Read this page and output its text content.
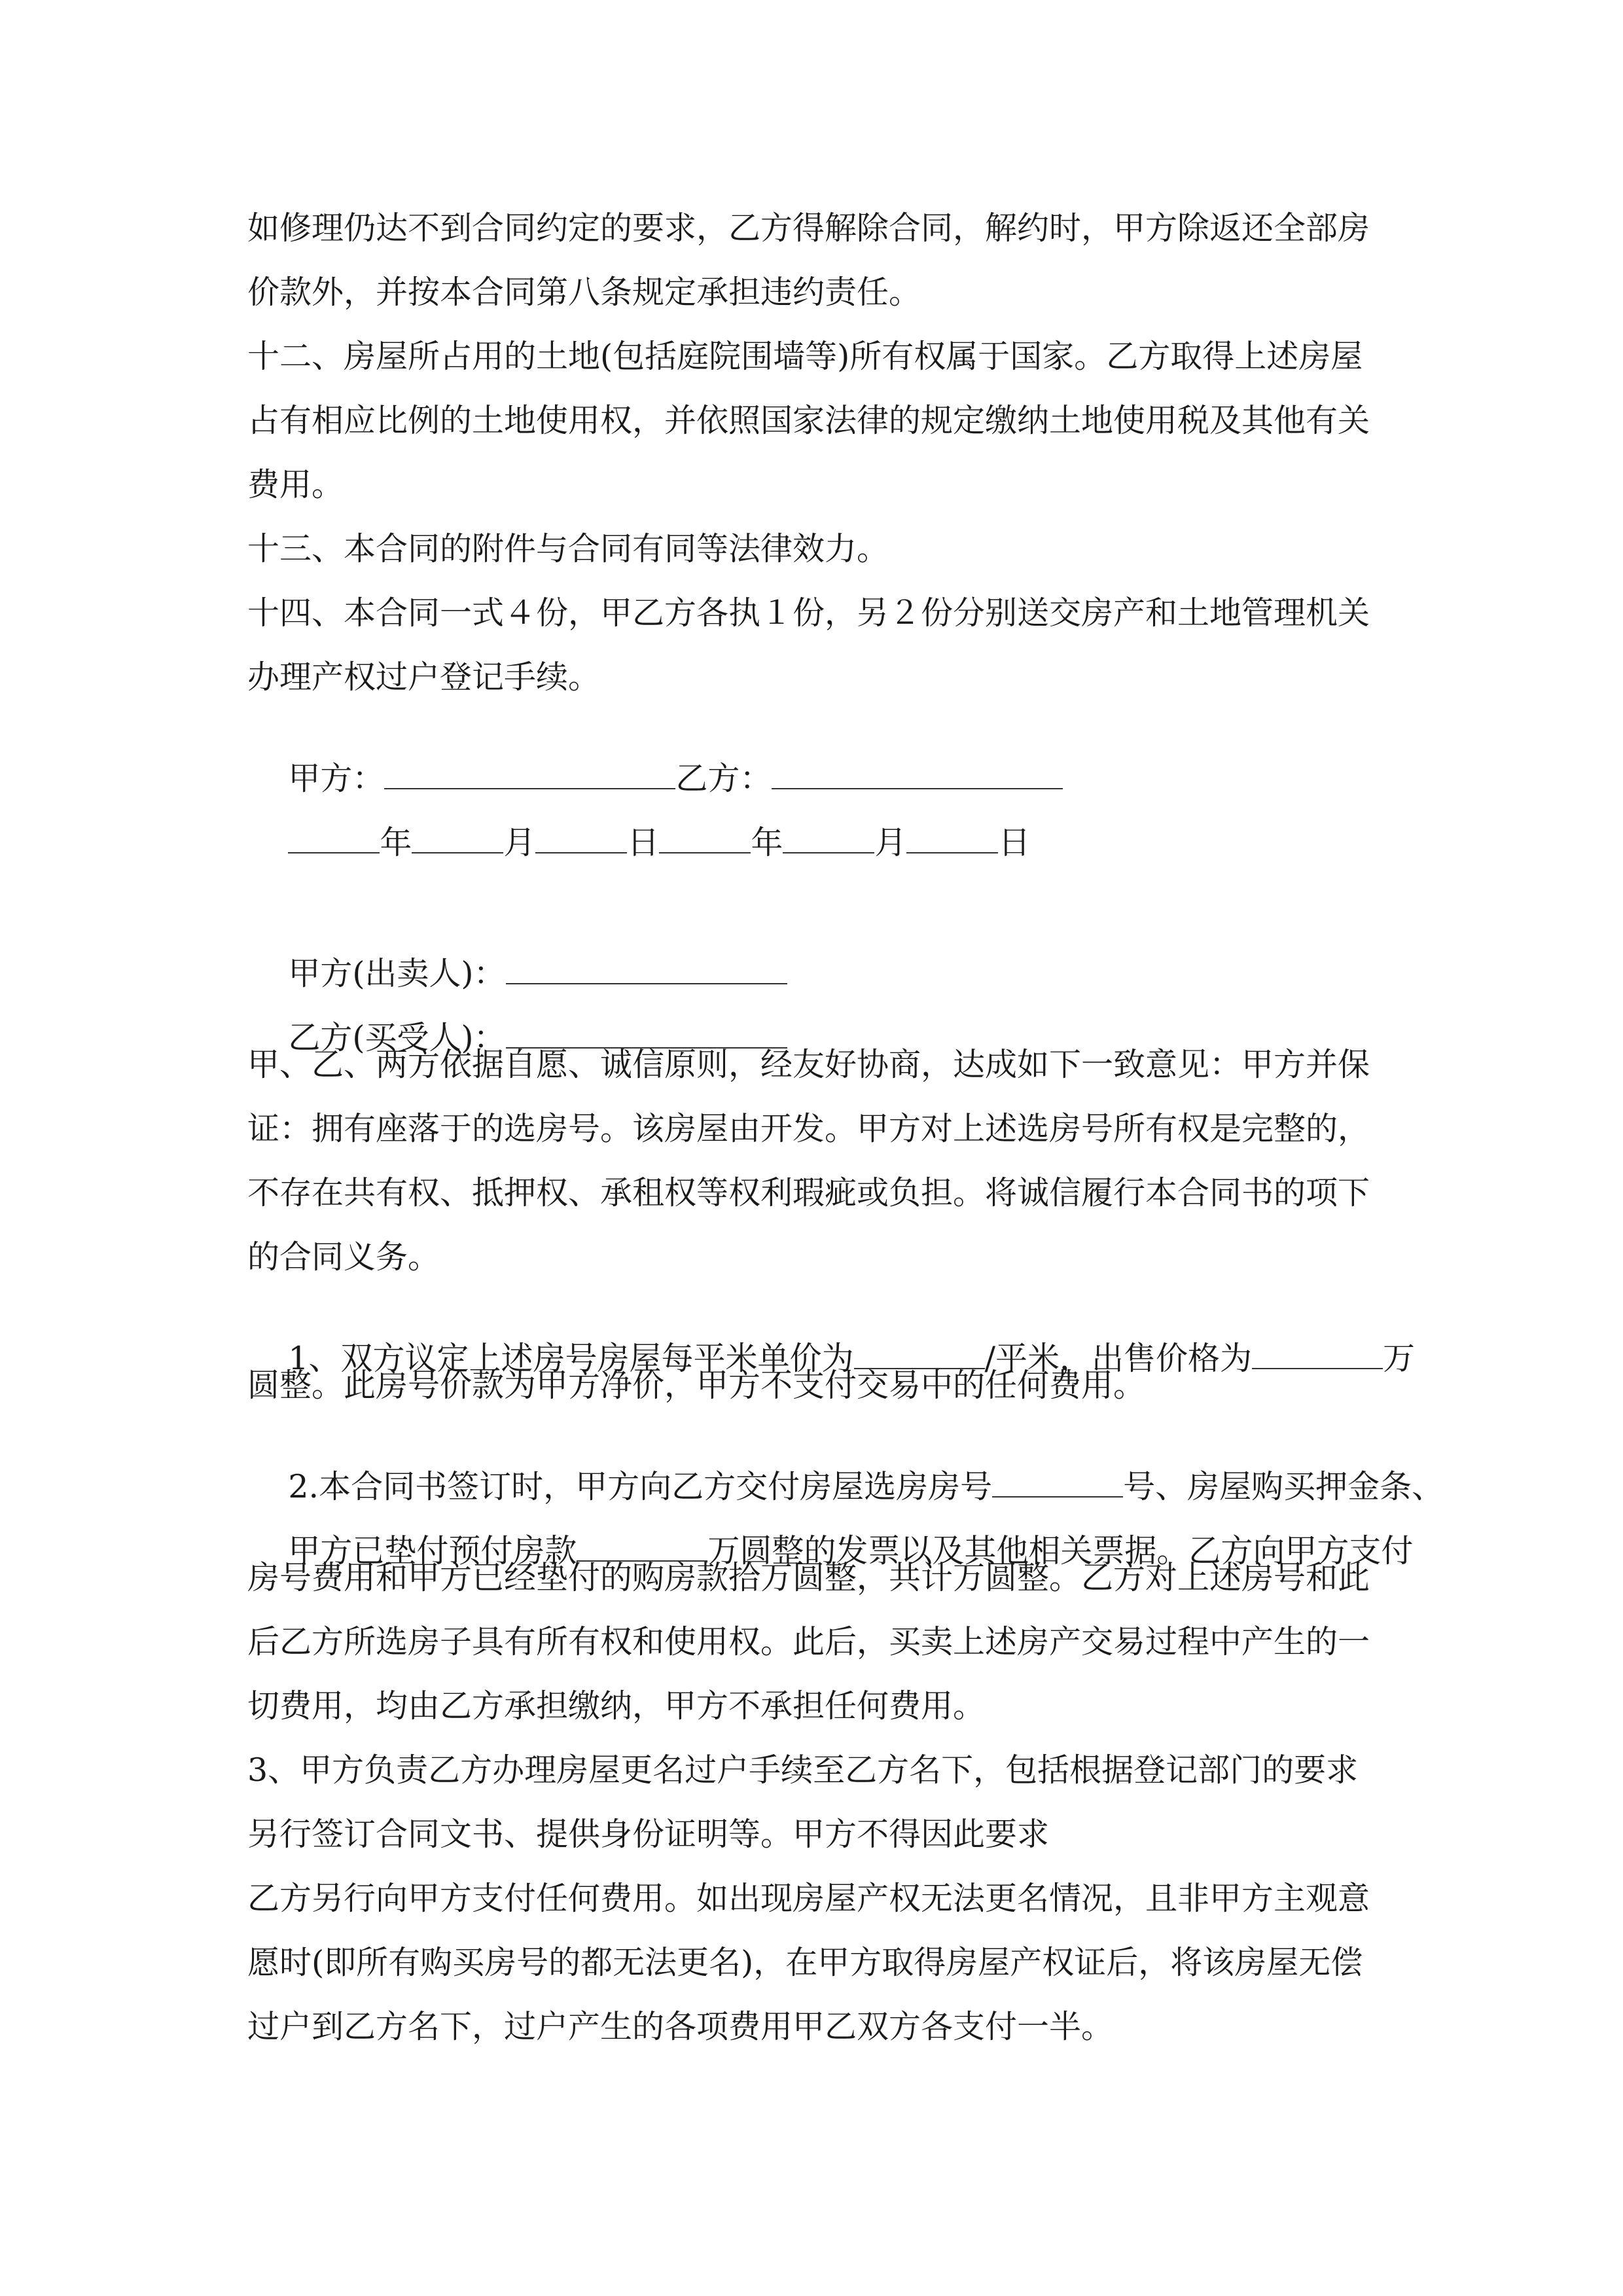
如修理仍达不到合同约定的要求，乙方得解除合同，解约时，甲方除返还全部房
价款外，并按本合同第八条规定承担违约责任。
十二、房屋所占用的土地(包括庭院围墙等)所有权属于国家。乙方取得上述房屋
占有相应比例的土地使用权，并依照国家法律的规定缴纳土地使用税及其他有关
费用。
十三、本合同的附件与合同有同等法律效力。
十四、本合同一式４份，甲乙方各执１份，另２份分别送交房产和土地管理机关
办理产权过户登记手续。

甲方：	乙方：

年	月	日	年	月	日

甲方(出卖人)：

乙方(买受人)：

甲、乙、两方依据自愿、诚信原则，经友好协商，达成如下一致意见：甲方并保
证：拥有座落于的选房号。该房屋由开发。甲方对上述选房号所有权是完整的，
不存在共有权、抵押权、承租权等权利瑕疵或负担。将诚信履行本合同书的项下
的合同义务。

1、双方议定上述房号房屋每平米单价为	/平米，出售价格为	万

圆整。此房号价款为甲方净价，甲方不支付交易中的任何费用。

2.本合同书签订时，甲方向乙方交付房屋选房房号	号、房屋购买押金条、

甲方已垫付预付房款	万圆整的发票以及其他相关票据。乙方向甲方支付

房号费用和甲方已经垫付的购房款拾万圆整，共计万圆整。乙方对上述房号和此
后乙方所选房子具有所有权和使用权。此后，买卖上述房产交易过程中产生的一
切费用，均由乙方承担缴纳，甲方不承担任何费用。
3、甲方负责乙方办理房屋更名过户手续至乙方名下，包括根据登记部门的要求
另行签订合同文书、提供身份证明等。甲方不得因此要求
乙方另行向甲方支付任何费用。如出现房屋产权无法更名情况，且非甲方主观意
愿时(即所有购买房号的都无法更名)，在甲方取得房屋产权证后，将该房屋无偿
过户到乙方名下，过户产生的各项费用甲乙双方各支付一半。
